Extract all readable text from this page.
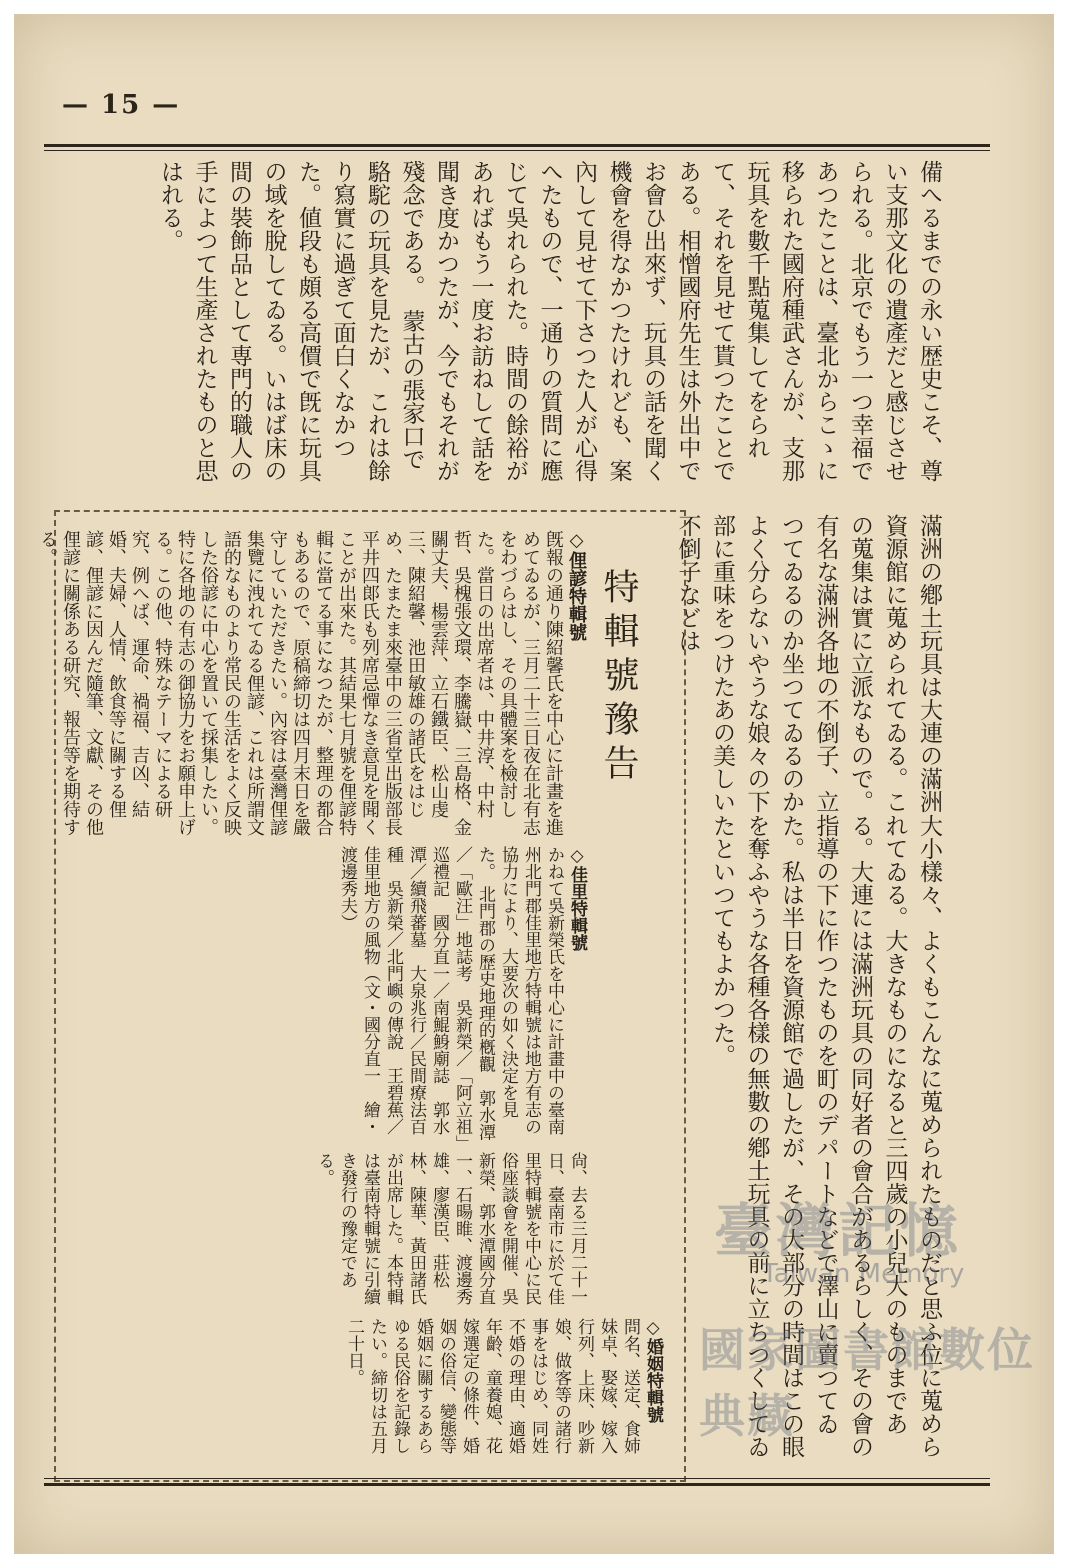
— 15 —
備へるまでの永い歴史こそ、尊い支那文化の遺產だと感じさせられる。北京でもう一つ幸福であつたことは、臺北からこゝに移られた國府種武さんが、支那玩具を數千點蒐集してをられて、それを見せて貰つたことである。相憎國府先生は外出中でお會ひ出來ず、玩具の話を聞く機會を得なかつたけれども、案內して見せて下さつた人が心得へたもので、一通りの質問に應じて吳れられた。時間の餘裕があればもう一度お訪ねして話を聞き度かつたが、今でもそれが殘念である。　蒙古の張家口で駱駝の玩具を見たが、これは餘り寫實に過ぎて面白くなかつた。値段も頗る高價で旣に玩具の域を脫してゐる。いはば床の間の裝飾品として専門的職人の手によつて生產されたものと思はれる。
滿洲の鄕土玩具は大連の滿洲資源館に蒐められてゐる。この蒐集は實に立派なもので。有名な滿洲各地の不倒子、立つてゐるのか坐つてゐるのかよく分らないやうな娘々の下部に重味をつけたあの美しい不倒子などは
大小樣々、よくもこんなに蒐められたものだと思ふ位に蒐められてゐる。大きなものになると三四歲の小兒大のものまである。大連には滿洲玩具の同好者の會合があるらしく、その會の指導の下に作つたものを町のデパートなどで澤山に賣つてゐた。私は半日を資源館で過したが、その大部分の時間はこの眼を奪ふやうな各種各樣の無數の鄕土玩具の前に立ちつくしてゐたといつてもよかつた。
特輯號豫告
◇俚諺特輯號
旣報の通り陳紹馨氏を中心に計畫を進めてゐるが、三月二十三日夜在北有志をわづらはし、その具體案を檢討した。當日の出席者は、中井淳、中村哲、吳槐張文環、李騰嶽、三島格、金關丈夫、楊雲萍、立石鐵臣、松山虔三、陳紹馨、池田敏雄の諸氏をはじめ、たまたま來臺中の三省堂出版部長平井四郞氏も列席忌憚なき意見を聞くことが出來た。其結果七月號を俚諺特輯に當てる事になつたが、整理の都合もあるので、原稿締切は四月末日を嚴守していただきたい。內容は臺灣俚諺集覽に洩れてゐる俚諺、これは所謂文語的なものより常民の生活をよく反映した俗諺に中心を置いて採集したい。特に各地の有志の御協力をお願申上げる。この他、特殊なテーマによる研究、例へば、運命、禍福、吉凶、結婚、夫婦、人情、飲食等に關する俚諺、俚諺に因んだ隨筆、文獻、その他俚諺に關係ある研究、報告等を期待する。
◇佳里特輯號
かねて吳新榮氏を中心に計畫中の臺南州北門郡佳里地方特輯號は地方有志の協力により、大要次の如く決定を見た。 北門郡の歷史地理的槪觀　郭水潭／「歐汪」地誌考　吳新榮／「阿立祖」巡禮記　國分直一／南鯤鯓廟誌　郭水潭／續飛蕃墓　大泉兆行／民間療法百種　吳新榮／北門嶼の傳說　王碧蕉／佳里地方の風物（文・國分直一　繪・渡邊秀夫）
尙、去る三月二十一日、臺南市に於て佳里特輯號を中心に民俗座談會を開催、吳新榮、郭水潭國分直一、石暘睢、渡邊秀雄、廖漢臣、莊松林、陳華、黃田諸氏が出席した。本特輯は臺南特輯號に引續き發行の豫定である。
◇婚姻特輯號
問名、送定、食姉妹卓、娶嫁、嫁入行列、上床、吵新娘、做客等の諸行事をはじめ、同姓不婚の理由、適婚年齡、童養媳、花嫁選定の條件、婚姻の俗信、變態等婚姻に關するあらゆる民俗を記錄したい。締切は五月二十日。
臺灣記憶
Taiwan Memory
國家圖書館數位典藏
